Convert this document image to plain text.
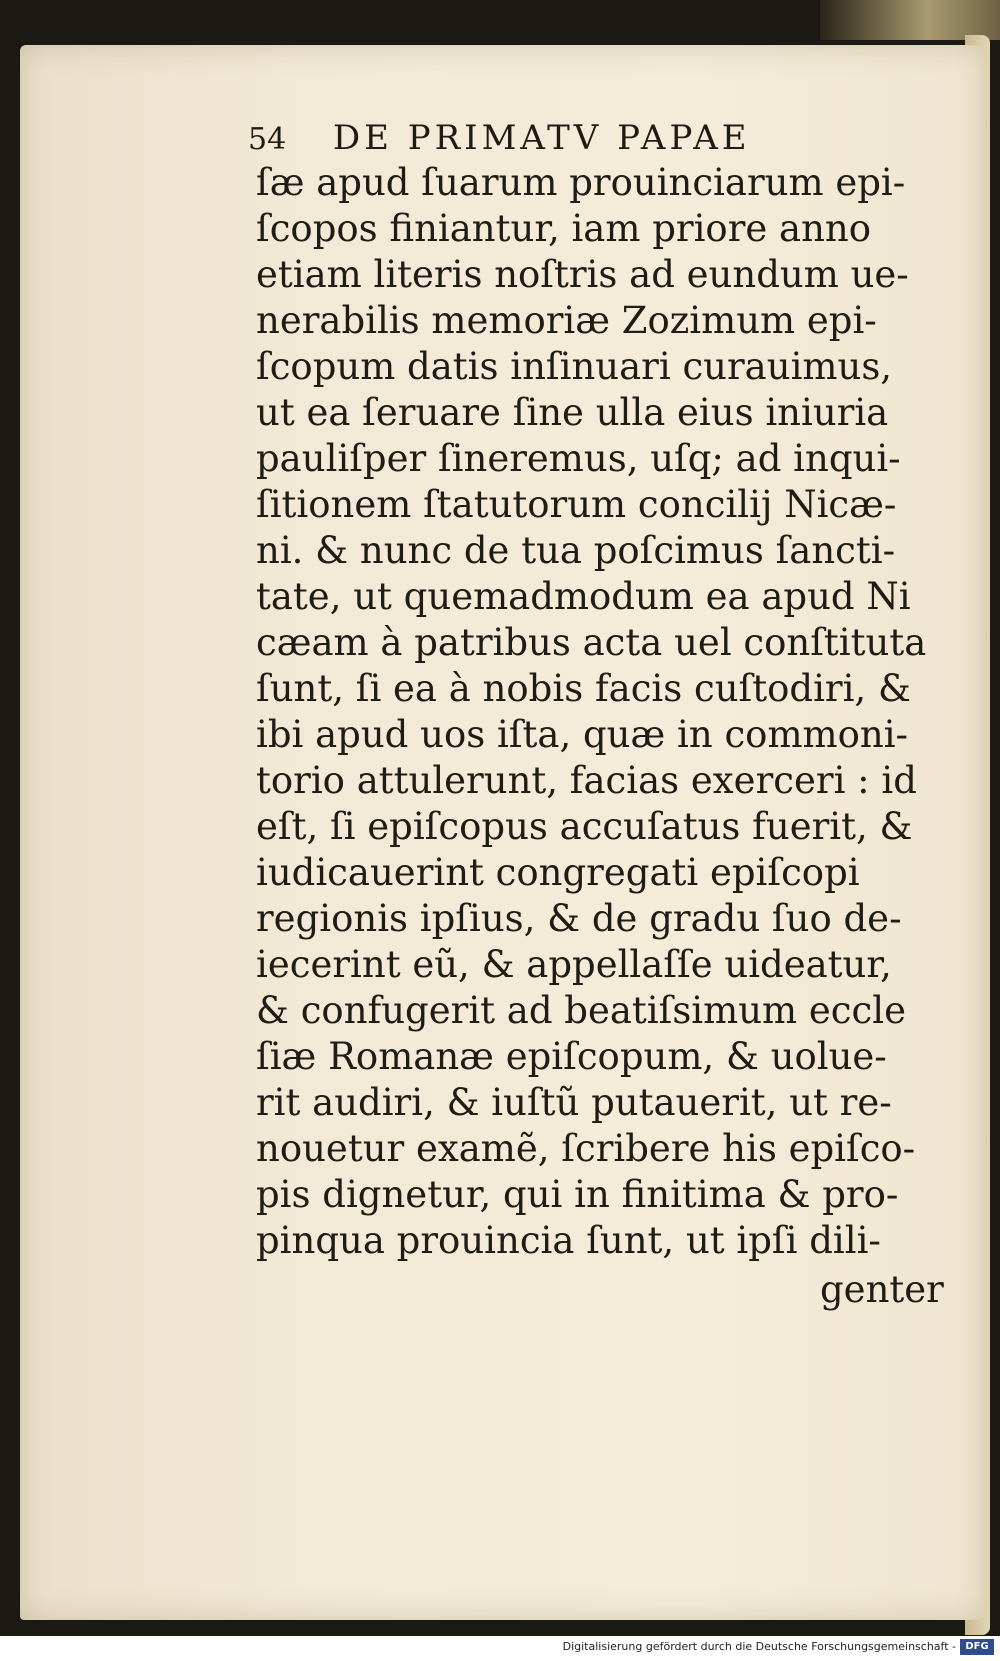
54 DE PRIMATV PAPAE
ſæ apud ſuarum prouinciarum epi-
ſcopos finiantur, iam priore anno
etiam literis noſtris ad eundum ue-
nerabilis memoriæ Zozimum epi-
ſcopum datis inſinuari curauimus,
ut ea ſeruare ſine ulla eius iniuria
pauliſper ſineremus, uſq; ad inqui-
ſitionem ſtatutorum concilij Nicæ-
ni. & nunc de tua poſcimus ſancti-
tate, ut quemadmodum ea apud Ni
cæam à patribus acta uel conſtituta
ſunt, ſi ea à nobis facis cuſtodiri, &
ibi apud uos iſta, quæ in commoni-
torio attulerunt, facias exerceri : id
eſt, ſi epiſcopus accuſatus fuerit, &
iudicauerint congregati epiſcopi
regionis ipſius, & de gradu ſuo de-
iecerint eũ, & appellaſſe uideatur,
& confugerit ad beatiſsimum eccle
ſiæ Romanæ epiſcopum, & uolue-
rit audiri, & iuſtũ putauerit, ut re-
nouetur examẽ, ſcribere his epiſco-
pis dignetur, qui in finitima & pro-
pinqua prouincia ſunt, ut ipſi dili-
genter
Digitalisierung gefördert durch die Deutsche Forschungsgemeinschaft - DFG
